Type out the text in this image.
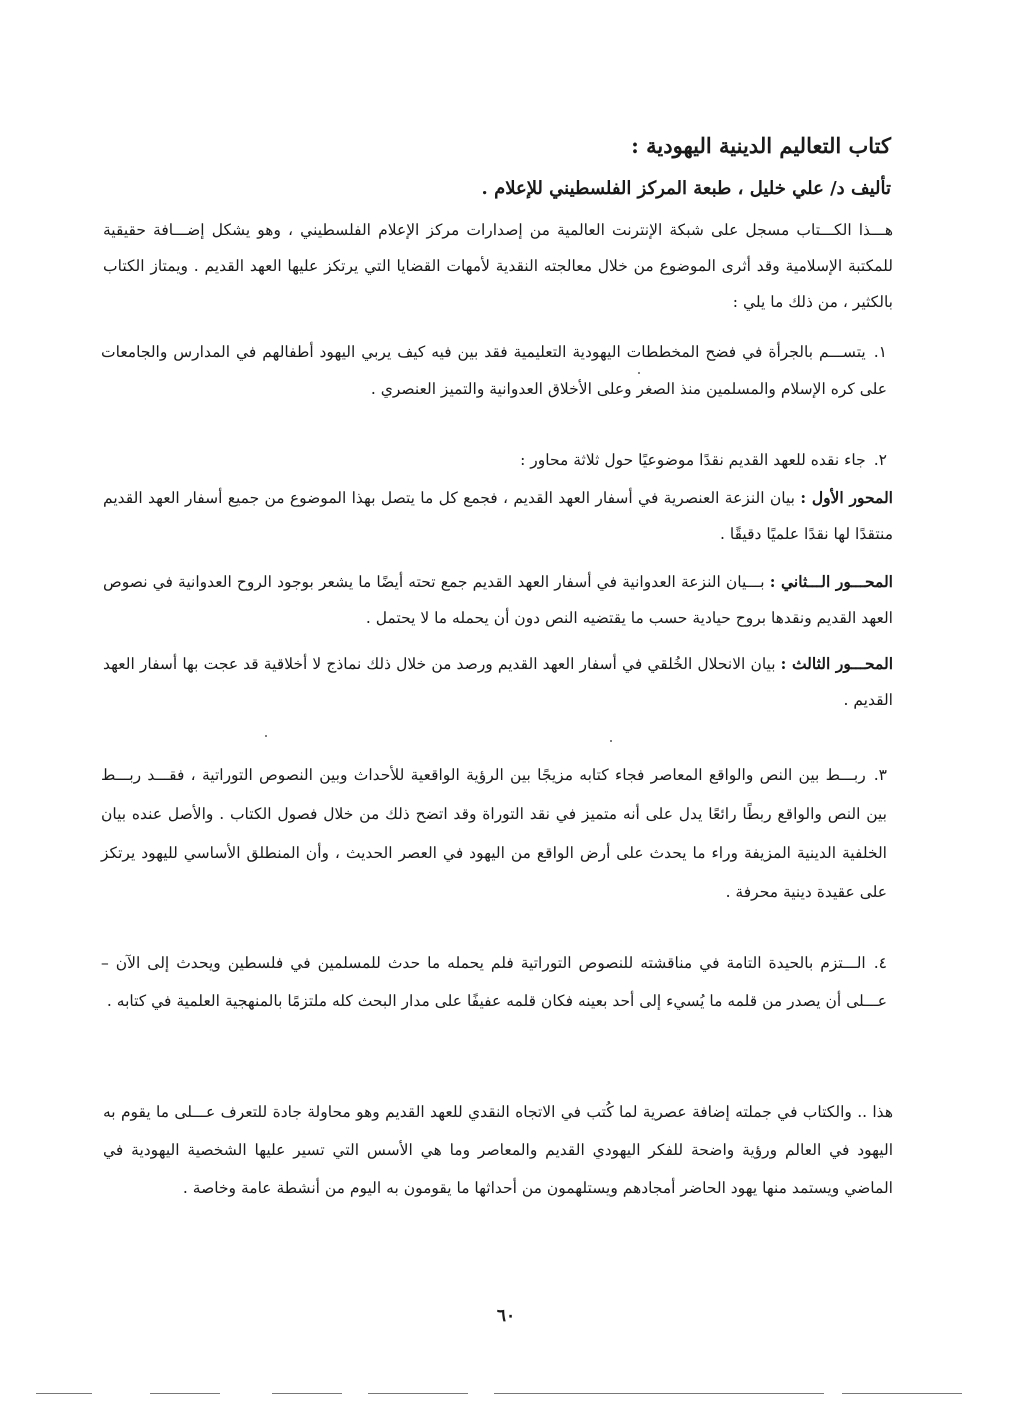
كتاب التعاليم الدينية اليهودية :
تأليف د/ علي خليل ، طبعة المركز الفلسطيني للإعلام .
هـــذا الكـــتاب مسجل على شبكة الإنترنت العالمية من إصدارات مركز الإعلام الفلسطيني ، وهو يشكل إضـــافة حقيقية للمكتبة الإسلامية وقد أثرى الموضوع من خلال معالجته النقدية لأمهات القضايا التي يرتكز عليها العهد القديم . ويمتاز الكتاب بالكثير ، من ذلك ما يلي :
١.يتســـم بالجرأة في فضح المخططات اليهودية التعليمية فقد بين فيه كيف يربي اليهود أطفالهم في المدارس والجامعات على كره الإسلام والمسلمين منذ الصغر وعلى الأخلاق العدوانية والتميز العنصري .
٢.جاء نقده للعهد القديم نقدًا موضوعيًا حول ثلاثة محاور :
المحور الأول : بيان النزعة العنصرية في أسفار العهد القديم ، فجمع كل ما يتصل بهذا الموضوع من جميع أسفار العهد القديم منتقدًا لها نقدًا علميًا دقيقًا .
المحـــور الـــثاني : بـــيان النزعة العدوانية في أسفار العهد القديم جمع تحته أيضًا ما يشعر بوجود الروح العدوانية في نصوص العهد القديم ونقدها بروح حيادية حسب ما يقتضيه النص دون أن يحمله ما لا يحتمل .
المحـــور الثالث : بيان الانحلال الخُلقي في أسفار العهد القديم ورصد من خلال ذلك نماذج لا أخلاقية قد عجت بها أسفار العهد القديم .
٣.ربـــط بين النص والواقع المعاصر فجاء كتابه مزيجًا بين الرؤية الواقعية للأحداث وبين النصوص التوراتية ، فقـــد ربـــط بين النص والواقع ربطًا رائعًا يدل على أنه متميز في نقد التوراة وقد اتضح ذلك من خلال فصول الكتاب . والأصل عنده بيان الخلفية الدينية المزيفة وراء ما يحدث على أرض الواقع من اليهود في العصر الحديث ، وأن المنطلق الأساسي لليهود يرتكز على عقيدة دينية محرفة .
٤.الـــتزم بالحيدة التامة في مناقشته للنصوص التوراتية فلم يحمله ما حدث للمسلمين في فلسطين ويحدث إلى الآن – عـــلى أن يصدر من قلمه ما يُسيء إلى أحد بعينه فكان قلمه عفيفًا على مدار البحث كله ملتزمًا بالمنهجية العلمية في كتابه .
هذا .. والكتاب في جملته إضافة عصرية لما كُتب في الاتجاه النقدي للعهد القديم وهو محاولة جادة للتعرف عـــلى ما يقوم به اليهود في العالم ورؤية واضحة للفكر اليهودي القديم والمعاصر وما هي الأسس التي تسير عليها الشخصية اليهودية في الماضي ويستمد منها يهود الحاضر أمجادهم ويستلهمون من أحداثها ما يقومون به اليوم من أنشطة عامة وخاصة .
٦٠
